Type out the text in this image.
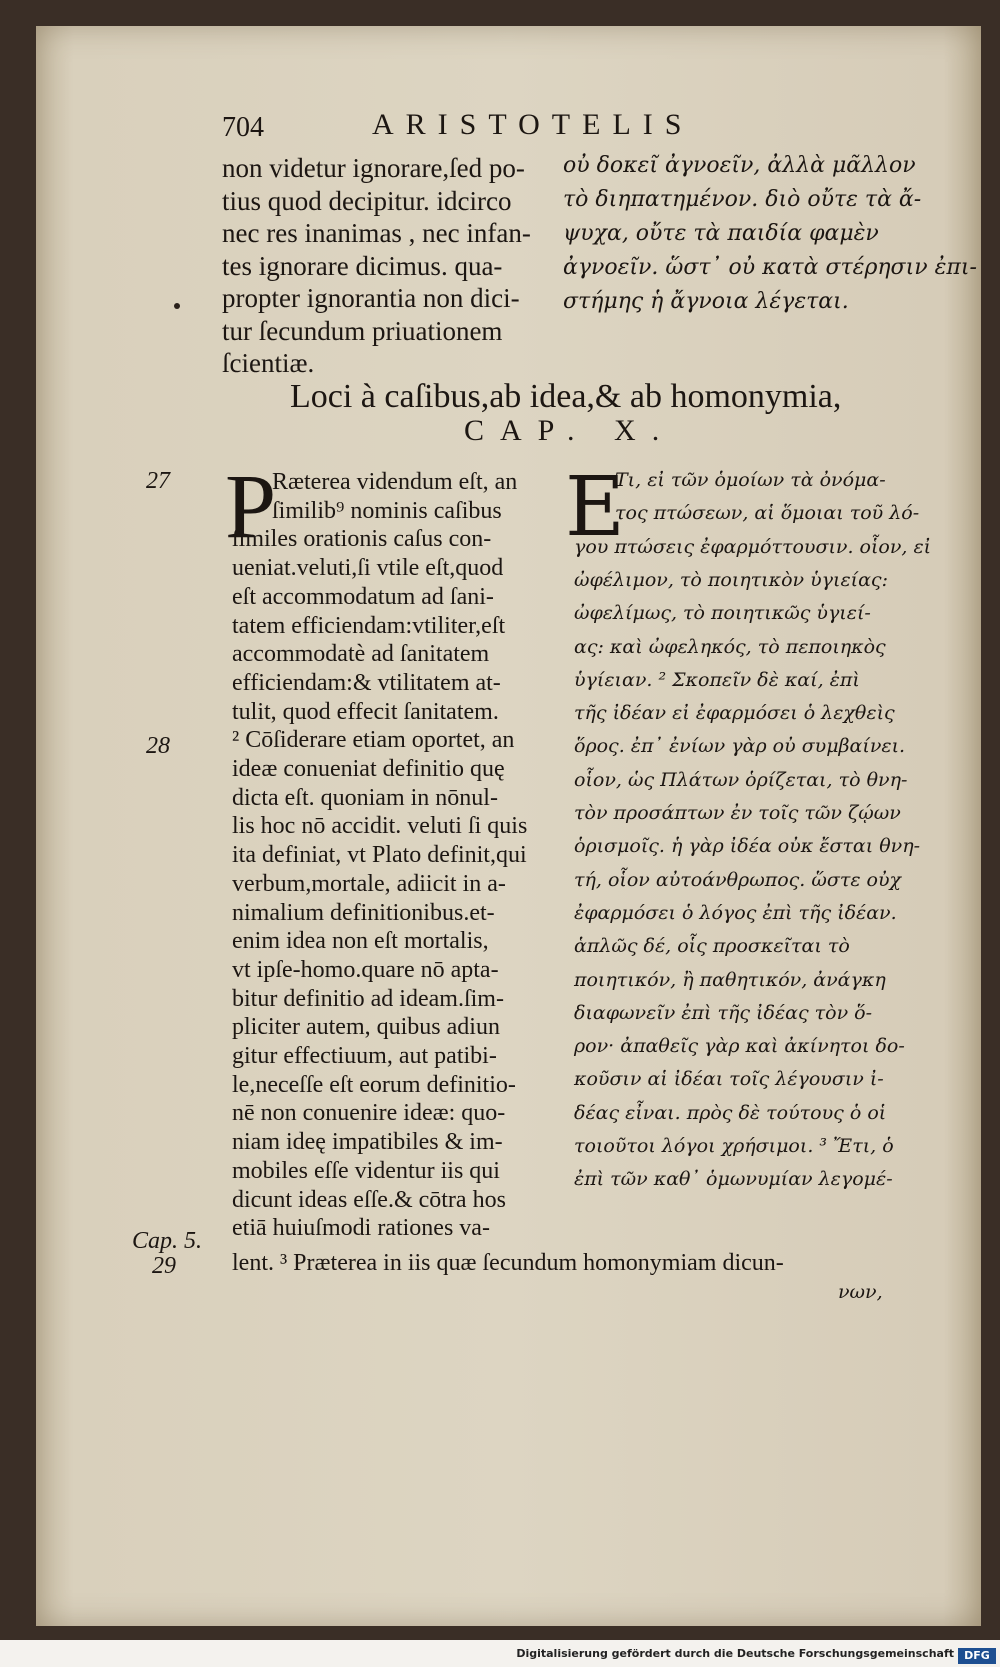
704	ARISTOTELIS
non videtur ignorare,ſed po-
tius quod decipitur. idcirco
nec res inanimas , nec infan-
tes ignorare dicimus. qua-
propter ignorantia non dici-
tur ſecundum priuationem
ſcientiæ.
οὐ δοκεῖ ἀγνοεῖν, ἀλλὰ μᾶλλον
τὸ διηπατημένον. διὸ οὔτε τὰ ἄ-
ψυχα, οὔτε τὰ παιδία φαμὲν
ἀγνοεῖν. ὥστ᾽ οὐ κατὰ στέρησιν ἐπι-
στήμης ἡ ἄγνοια λέγεται.
Loci à caſibus,ab idea,& ab homonymia,
CAP. X.
27
28
Cap. 5.
29
P
Ræterea videndum eſt, an
ſimilib⁹ nominis caſibus
ſimiles orationis caſus con-
ueniat.veluti,ſi vtile eſt,quod
eſt accommodatum ad ſani-
tatem efficiendam:vtiliter,eſt
accommodatè ad ſanitatem
efficiendam:& vtilitatem at-
tulit, quod effecit ſanitatem.
² Cōſiderare etiam oportet, an
ideæ conueniat definitio quę
dicta eſt. quoniam in nōnul-
lis hoc nō accidit. veluti ſi quis
ita definiat, vt Plato definit,qui
verbum,mortale, adiicit in a-
nimalium definitionibus.et-
enim idea non eſt mortalis,
vt ipſe-homo.quare nō apta-
bitur definitio ad ideam.ſim-
pliciter autem, quibus adiun
gitur effectiuum, aut patibi-
le,neceſſe eſt eorum definitio-
nē non conuenire ideæ: quo-
niam ideę impatibiles & im-
mobiles eſſe videntur iis qui
dicunt ideas eſſe.& cōtra hos
etiā huiuſmodi rationes va-
lent. ³ Præterea in iis quæ ſecundum homonymiam dicun-
E
Τι, εἰ τῶν ὁμοίων τὰ ὀνόμα-
τος πτώσεων, αἱ ὅμοιαι τοῦ λό-
γου πτώσεις ἐφαρμόττουσιν. οἷον, εἰ
ὠφέλιμον, τὸ ποιητικὸν ὑγιείας:
ὠφελίμως, τὸ ποιητικῶς ὑγιεί-
ας: καὶ ὠφεληκός, τὸ πεποιηκὸς
ὑγίειαν. ² Σκοπεῖν δὲ καί, ἐπὶ
τῆς ἰδέαν εἰ ἐφαρμόσει ὁ λεχθεὶς
ὅρος. ἐπ᾽ ἐνίων γὰρ οὐ συμβαίνει.
οἷον, ὡς Πλάτων ὁρίζεται, τὸ θνη-
τὸν προσάπτων ἐν τοῖς τῶν ζῴων
ὁρισμοῖς. ἡ γὰρ ἰδέα οὐκ ἔσται θνη-
τή, οἷον αὐτοάνθρωπος. ὥστε οὐχ
ἐφαρμόσει ὁ λόγος ἐπὶ τῆς ἰδέαν.
ἁπλῶς δέ, οἷς προσκεῖται τὸ
ποιητικόν, ἢ παθητικόν, ἀνάγκη
διαφωνεῖν ἐπὶ τῆς ἰδέας τὸν ὅ-
ρον· ἀπαθεῖς γὰρ καὶ ἀκίνητοι δο-
κοῦσιν αἱ ἰδέαι τοῖς λέγουσιν ἰ-
δέας εἶναι. πρὸς δὲ τούτους ὁ οἱ
τοιοῦτοι λόγοι χρήσιμοι. ³ Ἔτι, ὁ
ἐπὶ τῶν καθ᾽ ὁμωνυμίαν λεγομέ-
νων,
Digitalisierung gefördert durch die Deutsche Forschungsgemeinschaft DFG
